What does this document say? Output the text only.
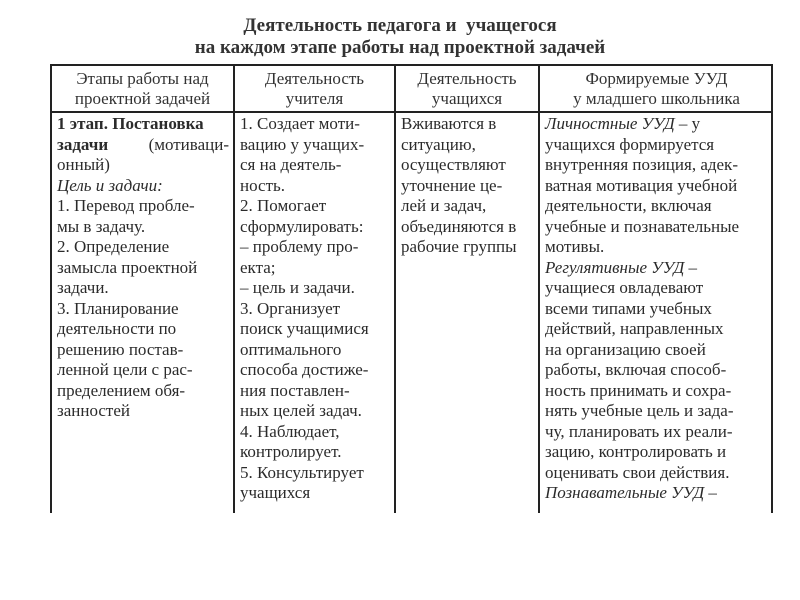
Деятельность педагога и  учащегося
на каждом этапе работы над проектной задачей
Этапы работы над
проектной задачей
Деятельность
учителя
Деятельность
учащихся
Формируемые УУД
у младшего школьника
1 этап. Постановка
задачи (мотиваци-
онный)
Цель и задачи:
1. Перевод пробле-
мы в задачу.
2. Определение
замысла проектной
задачи.
3. Планирование
деятельности по
решению постав-
ленной цели с рас-
пределением обя-
занностей
1. Создает моти-
вацию у учащих-
ся на деятель-
ность.
2. Помогает
сформулировать:
– проблему про-
екта;
– цель и задачи.
3. Организует
поиск учащимися
оптимального
способа достиже-
ния поставлен-
ных целей задач.
4. Наблюдает,
контролирует.
5. Консультирует
учащихся
Вживаются в
ситуацию,
осуществляют
уточнение це-
лей и задач,
объединяются в
рабочие группы
Личностные УУД – у
учащихся формируется
внутренняя позиция, адек-
ватная мотивация учебной
деятельности, включая
учебные и познавательные
мотивы.
Регулятивные УУД –
учащиеся овладевают
всеми типами учебных
действий, направленных
на организацию своей
работы, включая способ-
ность принимать и сохра-
нять учебные цель и зада-
чу, планировать их реали-
зацию, контролировать и
оценивать свои действия.
Познавательные УУД –
